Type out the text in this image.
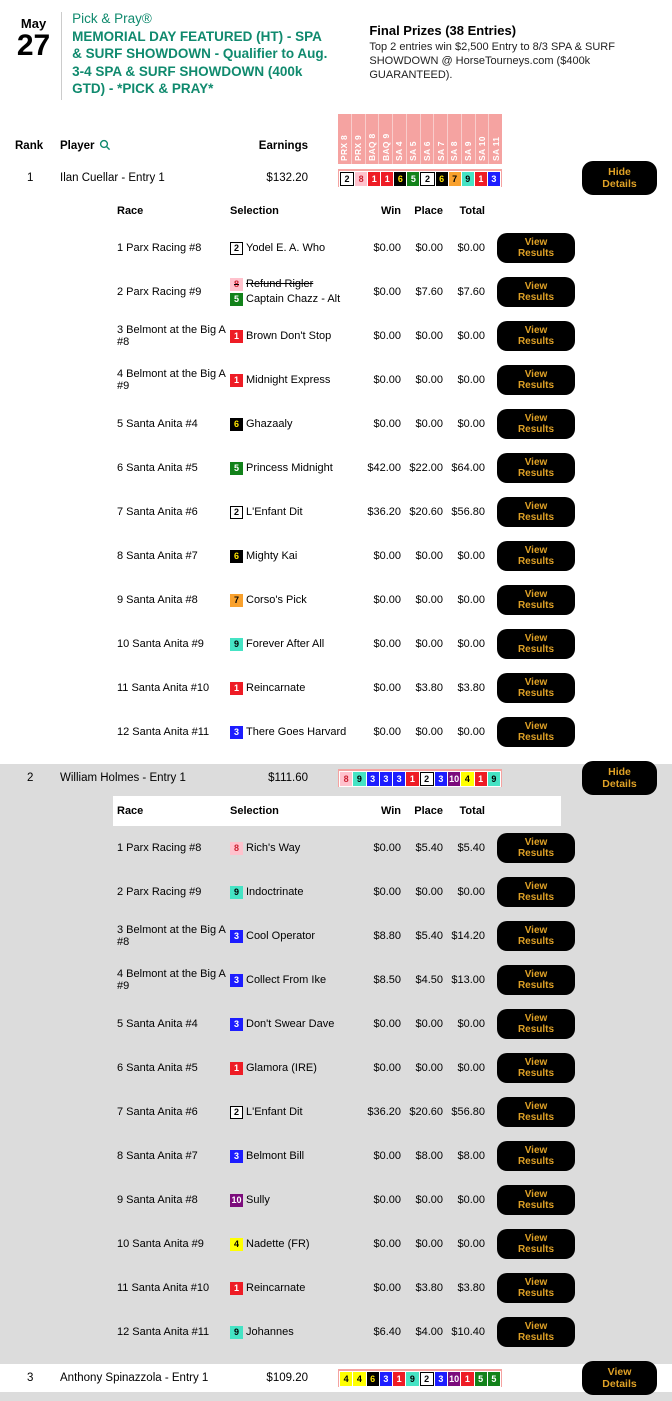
May
27
Pick & Pray®
MEMORIAL DAY FEATURED (HT) - SPA & SURF SHOWDOWN - Qualifier to Aug. 3-4 SPA & SURF SHOWDOWN (400k GTD) - *PICK & PRAY*
Final Prizes (38 Entries)
Top 2 entries win $2,500 Entry to 8/3 SPA & SURF SHOWDOWN @ HorseTourneys.com ($400k GUARANTEED).
Rank	Player	Earnings	PRX 8 PRX 9 BAQ 8 BAQ 9 SA 4 SA 5 SA 6 SA 7 SA 8 SA 9 SA 10 SA 11
1	Ilan Cuellar - Entry 1	$132.20	2	8 1 1 6 5	2	6 7 9 1 3
Hide Details
Race	Selection	Win	Place	Total
1 Parx Racing #8	2 Yodel E. A. Who	$0.00	$0.00	$0.00	View Results
2 Parx Racing #9
8 Refund Rigler
5 Captain Chazz - Alt
$0.00	$7.60	$7.60	View Results
3 Belmont at the Big A #8
1 Brown Don't Stop	$0.00	$0.00	$0.00	View Results
4 Belmont at the Big A #9
1 Midnight Express	$0.00	$0.00	$0.00	View Results
5 Santa Anita #4	6 Ghazaaly	$0.00	$0.00	$0.00	View Results
6 Santa Anita #5	5 Princess Midnight	$42.00 $22.00 $64.00	View Results
7 Santa Anita #6	2 L'Enfant Dit	$36.20 $20.60 $56.80	View Results
8 Santa Anita #7	6 Mighty Kai	$0.00	$0.00	$0.00	View Results
9 Santa Anita #8	7 Corso's Pick	$0.00	$0.00	$0.00	View Results
10 Santa Anita #9	9 Forever After All	$0.00	$0.00	$0.00	View Results
11 Santa Anita #10	1 Reincarnate	$0.00	$3.80	$3.80	View Results
12 Santa Anita #11	3 There Goes Harvard	$0.00	$0.00	$0.00	View Results
2	William Holmes - Entry 1	$111.60	8 9 3 3 3 1	2	3 10 4 1 9
Hide Details
Race	Selection	Win	Place	Total
1 Parx Racing #8	8 Rich's Way	$0.00	$5.40	$5.40	View Results
2 Parx Racing #9	9 Indoctrinate	$0.00	$0.00	$0.00	View Results
3 Belmont at the Big A #8
3 Cool Operator	$8.80	$5.40 $14.20	View Results
4 Belmont at the Big A #9
3 Collect From Ike	$8.50	$4.50 $13.00	View Results
5 Santa Anita #4	3 Don't Swear Dave	$0.00	$0.00	$0.00	View Results
6 Santa Anita #5	1 Glamora (IRE)	$0.00	$0.00	$0.00	View Results
7 Santa Anita #6	2 L'Enfant Dit	$36.20 $20.60 $56.80	View Results
8 Santa Anita #7	3 Belmont Bill	$0.00	$8.00	$8.00	View Results
9 Santa Anita #8	10 Sully	$0.00	$0.00	$0.00	View Results
10 Santa Anita #9	4 Nadette (FR)	$0.00	$0.00	$0.00	View Results
11 Santa Anita #10	1 Reincarnate	$0.00	$3.80	$3.80	View Results
12 Santa Anita #11	9 Johannes	$6.40	$4.00 $10.40	View Results
3	Anthony Spinazzola - Entry 1	$109.20	4 4 6 3 1 9	2	3 10 1 5 5
View Details
